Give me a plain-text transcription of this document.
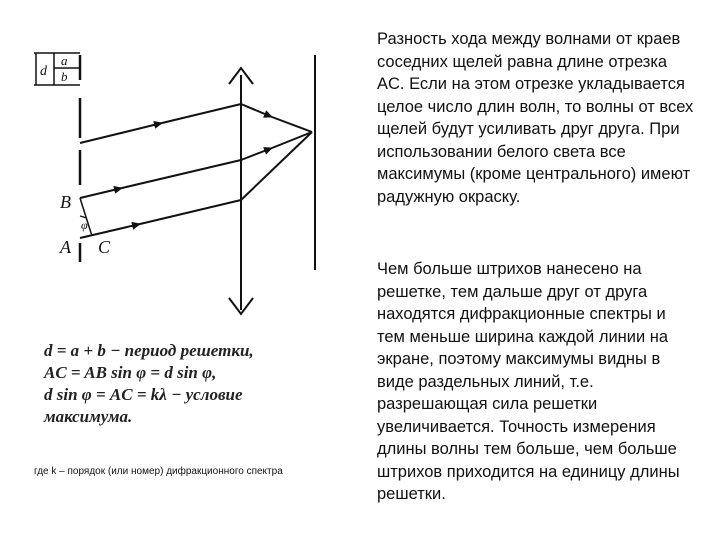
a
b
d
B
A C
φ
d = a + b − период решетки,
AC = AB sin φ = d sin φ,
d sin φ = AC = kλ − условие
максимума.
где k – порядок (или номер) дифракционного спектра
Разность хода между волнами от краев соседних щелей равна длине отрезка AC. Если на этом отрезке укладывается целое число длин волн, то волны от всех щелей будут усиливать друг друга. При использовании белого света все максимумы (кроме центрального) имеют радужную окраску.
Чем больше штрихов нанесено на решетке, тем дальше друг от друга находятся дифракционные спектры и тем меньше ширина каждой линии на экране, поэтому максимумы видны в виде раздельных линий, т.е. разрешающая сила решетки увеличивается. Точность измерения длины волны тем больше, чем больше штрихов приходится на единицу длины решетки.
